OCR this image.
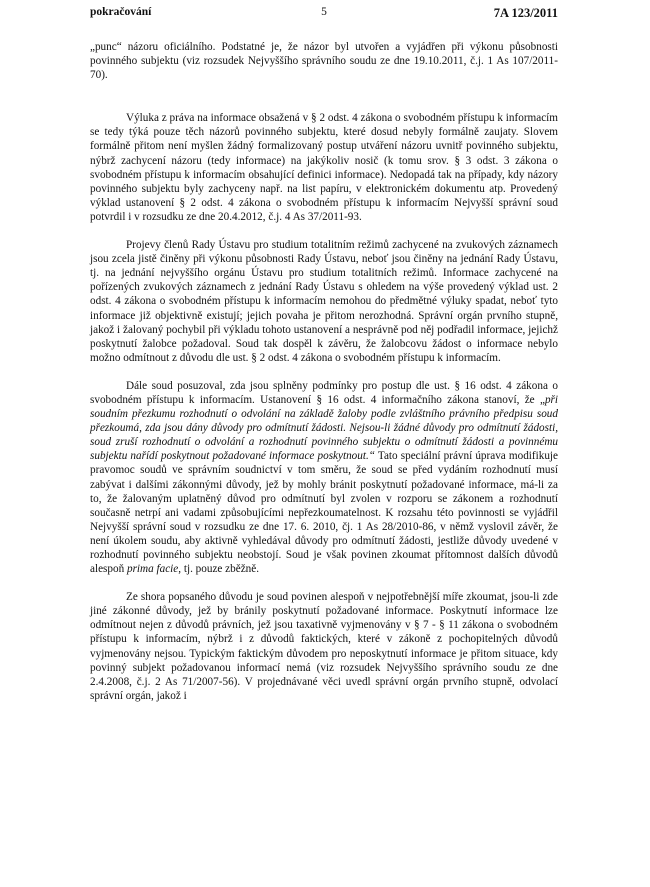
pokračování	5	7A 123/2011

„punc“ názoru oficiálního. Podstatné je, že názor byl utvořen a vyjádřen při výkonu působnosti povinného subjektu (viz rozsudek Nejvyššího správního soudu ze dne 19.10.2011, č.j. 1 As 107/2011-70).

Výluka z práva na informace obsažená v § 2 odst. 4 zákona o svobodném přístupu k informacím se tedy týká pouze těch názorů povinného subjektu, které dosud nebyly formálně zaujaty. Slovem formálně přitom není myšlen žádný formalizovaný postup utváření názoru uvnitř povinného subjektu, nýbrž zachycení názoru (tedy informace) na jakýkoliv nosič (k tomu srov. § 3 odst. 3 zákona o svobodném přístupu k informacím obsahující definici informace). Nedopadá tak na případy, kdy názory povinného subjektu byly zachyceny např. na list papíru, v elektronickém dokumentu atp. Provedený výklad ustanovení § 2 odst. 4 zákona o svobodném přístupu k informacím Nejvyšší správní soud potvrdil i v rozsudku ze dne 20.4.2012, č.j. 4 As 37/2011-93.

Projevy členů Rady Ústavu pro studium totalitním režimů zachycené na zvukových záznamech jsou zcela jistě činěny při výkonu působnosti Rady Ústavu, neboť jsou činěny na jednání Rady Ústavu, tj. na jednání nejvyššího orgánu Ústavu pro studium totalitních režimů. Informace zachycené na pořízených zvukových záznamech z jednání Rady Ústavu s ohledem na výše provedený výklad ust. 2 odst. 4 zákona o svobodném přístupu k informacím nemohou do předmětné výluky spadat, neboť tyto informace již objektivně existují; jejich povaha je přitom nerozhodná. Správní orgán prvního stupně, jakož i žalovaný pochybil při výkladu tohoto ustanovení a nesprávně pod něj podřadil informace, jejichž poskytnutí žalobce požadoval. Soud tak dospěl k závěru, že žalobcovu žádost o informace nebylo možno odmítnout z důvodu dle ust. § 2 odst. 4 zákona o svobodném přístupu k informacím.

Dále soud posuzoval, zda jsou splněny podmínky pro postup dle ust. § 16 odst. 4 zákona o svobodném přístupu k informacím. Ustanovení § 16 odst. 4 informačního zákona stanoví, že „při soudním přezkumu rozhodnutí o odvolání na základě žaloby podle zvláštního právního předpisu soud přezkoumá, zda jsou dány důvody pro odmítnutí žádosti. Nejsou-li žádné důvody pro odmítnutí žádosti, soud zruší rozhodnutí o odvolání a rozhodnutí povinného subjektu o odmítnutí žádosti a povinnému subjektu nařídí poskytnout požadované informace poskytnout.“ Tato speciální právní úprava modifikuje pravomoc soudů ve správním soudnictví v tom směru, že soud se před vydáním rozhodnutí musí zabývat i dalšími zákonnými důvody, jež by mohly bránit poskytnutí požadované informace, má-li za to, že žalovaným uplatněný důvod pro odmítnutí byl zvolen v rozporu se zákonem a rozhodnutí současně netrpí ani vadami způsobujícími nepřezkoumatelnost. K rozsahu této povinnosti se vyjádřil Nejvyšší správní soud v rozsudku ze dne 17. 6. 2010, čj. 1 As 28/2010-86, v němž vyslovil závěr, že není úkolem soudu, aby aktivně vyhledával důvody pro odmítnutí žádosti, jestliže důvody uvedené v rozhodnutí povinného subjektu neobstojí. Soud je však povinen zkoumat přítomnost dalších důvodů alespoň prima facie, tj. pouze zběžně.

Ze shora popsaného důvodu je soud povinen alespoň v nejpotřebnější míře zkoumat, jsou-li zde jiné zákonné důvody, jež by bránily poskytnutí požadované informace. Poskytnutí informace lze odmítnout nejen z důvodů právních, jež jsou taxativně vyjmenovány v § 7 - § 11 zákona o svobodném přístupu k informacím, nýbrž i z důvodů faktických, které v zákoně z pochopitelných důvodů vyjmenovány nejsou. Typickým faktickým důvodem pro neposkytnutí informace je přitom situace, kdy povinný subjekt požadovanou informací nemá (viz rozsudek Nejvyššího správního soudu ze dne 2.4.2008, č.j. 2 As 71/2007-56). V projednávané věci uvedl správní orgán prvního stupně, odvolací správní orgán, jakož i
